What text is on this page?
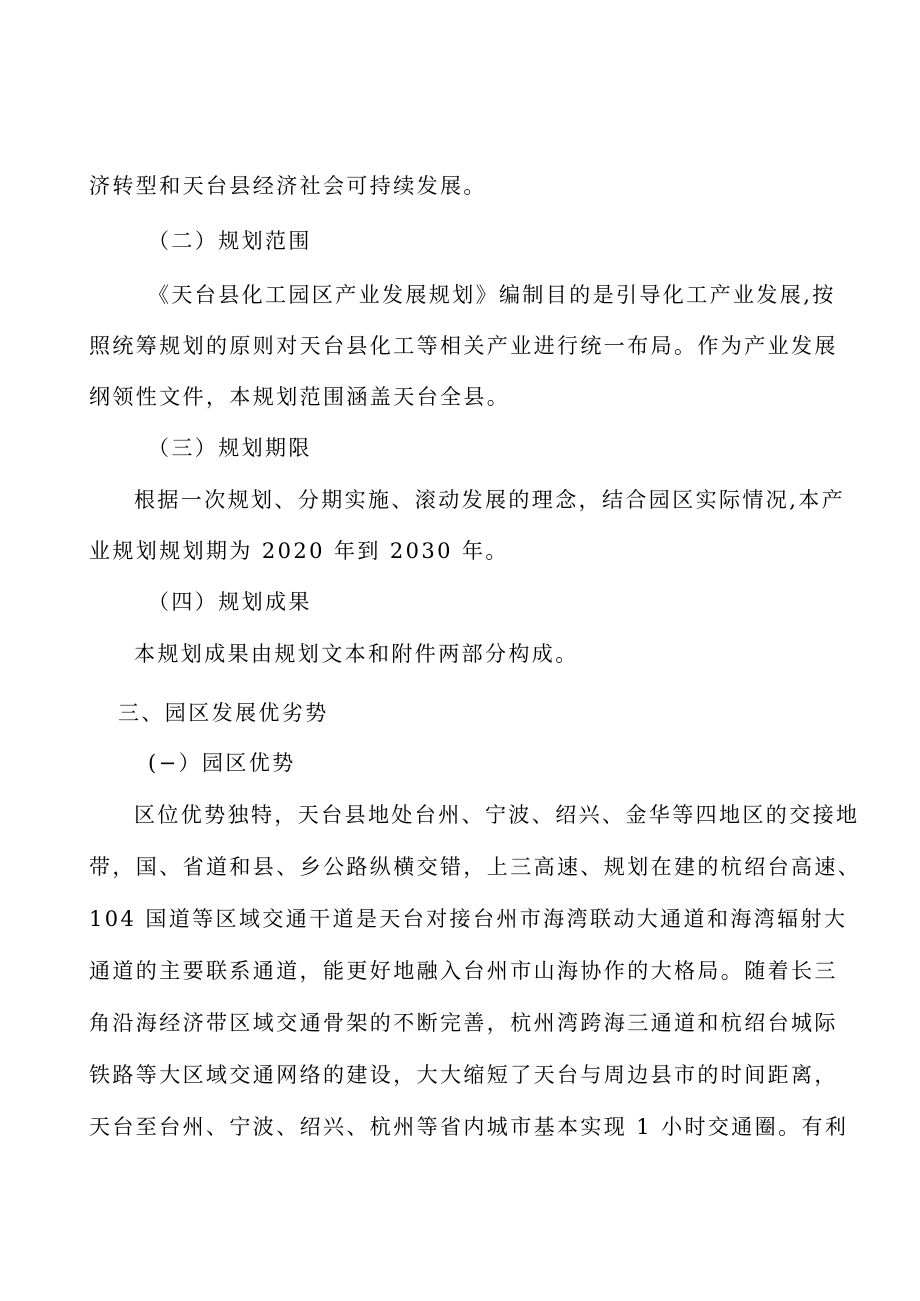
济转型和天台县经济社会可持续发展。
（二）规划范围
《天台县化工园区产业发展规划》编制目的是引导化工产业发展,按
照统筹规划的原则对天台县化工等相关产业进行统一布局。作为产业发展
纲领性文件，本规划范围涵盖天台全县。
（三）规划期限
根据一次规划、分期实施、滚动发展的理念，结合园区实际情况,本产
业规划规划期为 2020 年到 2030 年。
（四）规划成果
本规划成果由规划文本和附件两部分构成。
三、园区发展优劣势
(−）园区优势
区位优势独特，天台县地处台州、宁波、绍兴、金华等四地区的交接地
带，国、省道和县、乡公路纵横交错，上三高速、规划在建的杭绍台高速、
104 国道等区域交通干道是天台对接台州市海湾联动大通道和海湾辐射大
通道的主要联系通道，能更好地融入台州市山海协作的大格局。随着长三
角沿海经济带区域交通骨架的不断完善，杭州湾跨海三通道和杭绍台城际
铁路等大区域交通网络的建设，大大缩短了天台与周边县市的时间距离，
天台至台州、宁波、绍兴、杭州等省内城市基本实现 1 小时交通圈。有利
